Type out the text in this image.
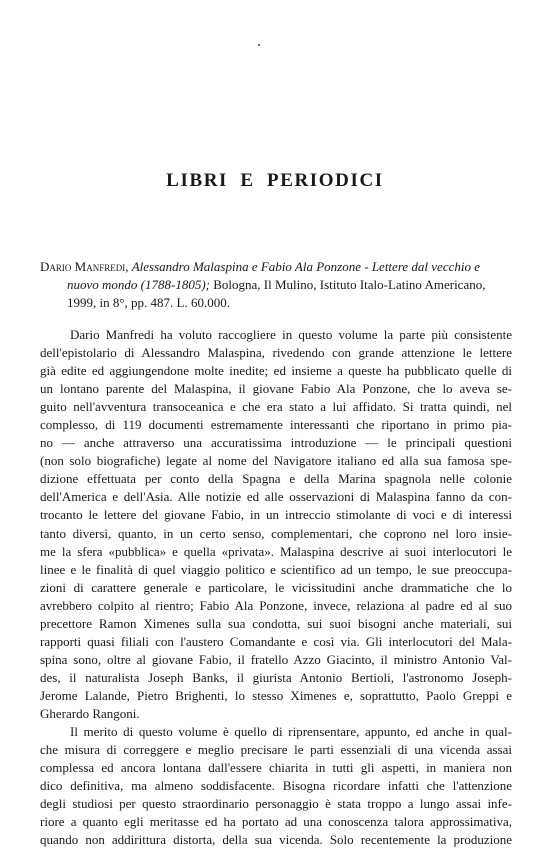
LIBRI E PERIODICI
Dario Manfredi, Alessandro Malaspina e Fabio Ala Ponzone - Lettere dal vecchio e
nuovo mondo (1788-1805); Bologna, Il Mulino, Istituto Italo-Latino Americano,
1999, in 8°, pp. 487. L. 60.000.

Dario Manfredi ha voluto raccogliere in questo volume la parte più consistente
dell'epistolario di Alessandro Malaspina, rivedendo con grande attenzione le lettere
già edite ed aggiungendone molte inedite; ed insieme a queste ha pubblicato quelle di
un lontano parente del Malaspina, il giovane Fabio Ala Ponzone, che lo aveva se-
guito nell'avventura transoceanica e che era stato a lui affidato. Si tratta quindi, nel
complesso, di 119 documenti estremamente interessanti che riportano in primo pia-
no — anche attraverso una accuratissima introduzione — le principali questioni
(non solo biografiche) legate al nome del Navigatore italiano ed alla sua famosa spe-
dizione effettuata per conto della Spagna e della Marina spagnola nelle colonie
dell'America e dell'Asia. Alle notizie ed alle osservazioni di Malaspina fanno da con-
trocanto le lettere del giovane Fabio, in un intreccio stimolante di voci e di interessi
tanto diversi, quanto, in un certo senso, complementari, che coprono nel loro insie-
me la sfera «pubblica» e quella «privata». Malaspina descrive ai suoi interlocutori le
linee e le finalità di quel viaggio politico e scientifico ad un tempo, le sue preoccupa-
zioni di carattere generale e particolare, le vicissitudini anche drammatiche che lo
avrebbero colpito al rientro; Fabio Ala Ponzone, invece, relaziona al padre ed al suo
precettore Ramon Ximenes sulla sua condotta, sui suoi bisogni anche materiali, sui
rapporti quasi filiali con l'austero Comandante e così via. Gli interlocutori del Mala-
spina sono, oltre al giovane Fabio, il fratello Azzo Giacinto, il ministro Antonio Val-
des, il naturalista Joseph Banks, il giurista Antonio Bertioli, l'astronomo Joseph-
Jerome Lalande, Pietro Brighenti, lo stesso Ximenes e, soprattutto, Paolo Greppi e
Gherardo Rangoni.

Il merito di questo volume è quello di riprensentare, appunto, ed anche in qual-
che misura di correggere e meglio precisare le parti essenziali di una vicenda assai
complessa ed ancora lontana dall'essere chiarita in tutti gli aspetti, in maniera non
dico definitiva, ma almeno soddisfacente. Bisogna ricordare infatti che l'attenzione
degli studiosi per questo straordinario personaggio è stata troppo a lungo assai infe-
riore a quanto egli meritasse ed ha portato ad una conoscenza talora approssimativa,
quando non addirittura distorta, della sua vicenda. Solo recentemente la produzione
